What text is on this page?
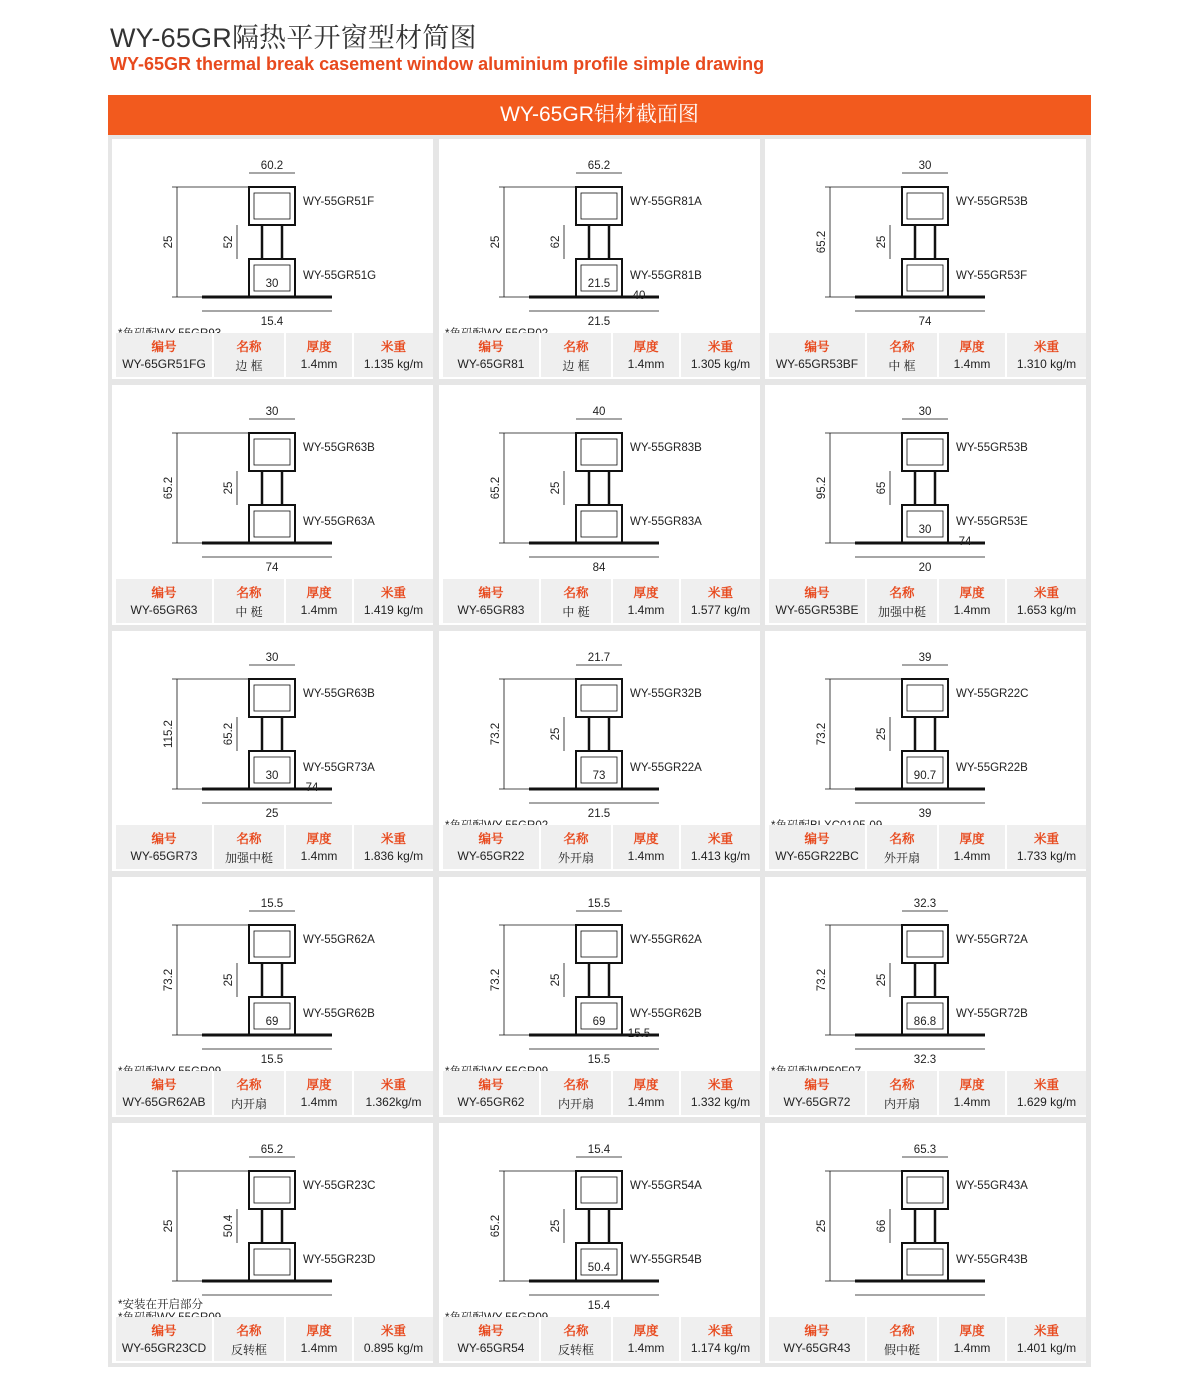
WY-65GR隔热平开窗型材简图
WY-65GR thermal break casement window aluminium profile simple drawing
WY-65GR铝材截面图
60.2
25	52
15.4
30
WY-55GR51F
WY-55GR51G
编号
WY-65GR51FG
名称
边 框
厚度
1.4mm
米重
1.135 kg/m
65.2
25	62
21.5
21.5
40
WY-55GR81A
WY-55GR81B
编号
WY-65GR81
名称
边 框
厚度
1.4mm
米重
1.305 kg/m
30
65.2	25
74
WY-55GR53B
WY-55GR53F
编号
WY-65GR53BF
名称
中 框
厚度
1.4mm
米重
1.310 kg/m
30
65.2	25
74
WY-55GR63B
WY-55GR63A
编号
WY-65GR63
名称
中 梃
厚度
1.4mm
米重
1.419 kg/m
40
65.2	25
84
WY-55GR83B
WY-55GR83A
编号
WY-65GR83
名称
中 梃
厚度
1.4mm
米重
1.577 kg/m
30
95.2	65
20
30
74
WY-55GR53B
WY-55GR53E
编号
WY-65GR53BE
名称
加强中梃
厚度
1.4mm
米重
1.653 kg/m
30
115.2	65.2
25
30
74
WY-55GR63B
WY-55GR73A
编号
WY-65GR73
名称
加强中梃
厚度
1.4mm
米重
1.836 kg/m
21.7
73.2	25
21.5
73
WY-55GR32B
WY-55GR22A
编号
WY-65GR22
名称
外开扇
厚度
1.4mm
米重
1.413 kg/m
39
73.2	25
39
90.7
WY-55GR22C
WY-55GR22B
编号
WY-65GR22BC
名称
外开扇
厚度
1.4mm
米重
1.733 kg/m
15.5
73.2	25
15.5
69
WY-55GR62A
WY-55GR62B
编号
WY-65GR62AB
名称
内开扇
厚度
1.4mm
米重
1.362kg/m
15.5
73.2	25
15.5
69
15.5
WY-55GR62A
WY-55GR62B
编号
WY-65GR62
名称
内开扇
厚度
1.4mm
米重
1.332 kg/m
32.3
73.2	25
32.3
86.8
WY-55GR72A
WY-55GR72B
编号
WY-65GR72
名称
内开扇
厚度
1.4mm
米重
1.629 kg/m
65.2
25	50.4
WY-55GR23C
WY-55GR23D
*安装在开启部分

编号
WY-65GR23CD
名称
反转框
厚度
1.4mm
米重
0.895 kg/m
15.4
65.2	25
15.4
50.4
WY-55GR54A
WY-55GR54B
编号
WY-65GR54
名称
反转框
厚度
1.4mm
米重
1.174 kg/m
65.3
25	66
WY-55GR43A
WY-55GR43B
编号
WY-65GR43
名称
假中梃
厚度
1.4mm
米重
1.401 kg/m
